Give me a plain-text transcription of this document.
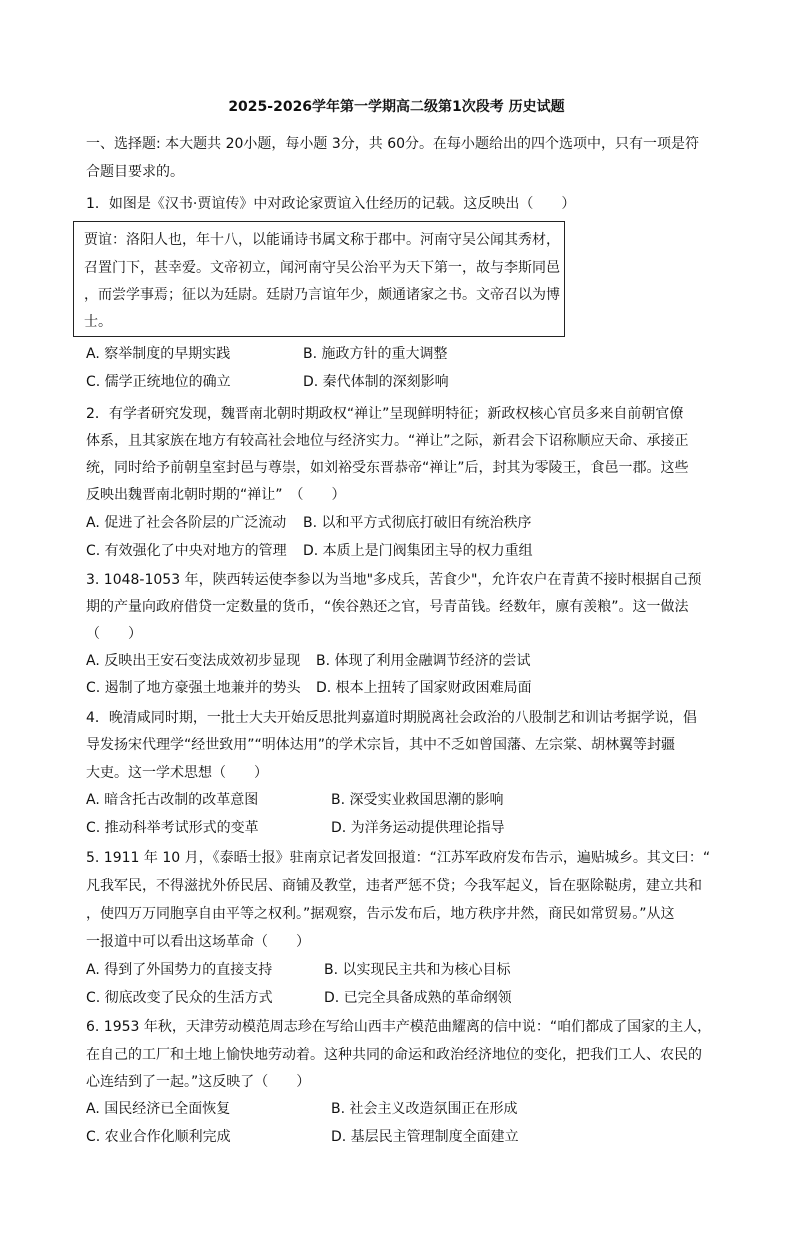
2025-2026学年第一学期高二级第1次段考 历史试题
一、选择题: 本大题共 20小题，每小题 3分，共 60分。在每小题给出的四个选项中，只有一项是符
合题目要求的。
1．如图是《汉书·贾谊传》中对政论家贾谊入仕经历的记载。这反映出（　　）
贾谊：洛阳人也，年十八，以能诵诗书属文称于郡中。河南守吴公闻其秀材，
召置门下，甚幸爱。文帝初立，闻河南守吴公治平为天下第一，故与李斯同邑
，而尝学事焉；征以为廷尉。廷尉乃言谊年少，颇通诸家之书。文帝召以为博
士。
A. 察举制度的早期实践	B. 施政方针的重大调整
C. 儒学正统地位的确立	D. 秦代体制的深刻影响
2．有学者研究发现，魏晋南北朝时期政权“禅让”呈现鲜明特征；新政权核心官员多来自前朝官僚
体系，且其家族在地方有较高社会地位与经济实力。“禅让”之际，新君会下诏称顺应天命、承接正
统，同时给予前朝皇室封邑与尊崇，如刘裕受东晋恭帝“禅让”后，封其为零陵王，食邑一郡。这些
反映出魏晋南北朝时期的“禅让”　（　　）
A. 促进了社会各阶层的广泛流动 B. 以和平方式彻底打破旧有统治秩序
C. 有效强化了中央对地方的管理 D. 本质上是门阀集团主导的权力重组
3. 1048-1053 年，陕西转运使李参以为当地"多戍兵，苦食少"，允许农户在青黄不接时根据自己预
期的产量向政府借贷一定数量的货币，“俟谷熟还之官，号青苗钱。经数年，廪有羡粮”。这一做法
（　　）
A. 反映出王安石变法成效初步显现 B. 体现了利用金融调节经济的尝试
C. 遏制了地方豪强土地兼并的势头 D. 根本上扭转了国家财政困难局面
4．晚清咸同时期，一批士大夫开始反思批判嘉道时期脱离社会政治的八股制艺和训诂考据学说，倡
导发扬宋代理学“经世致用”“明体达用”的学术宗旨，其中不乏如曾国藩、左宗棠、胡林翼等封疆
大吏。这一学术思想（　　）
A. 暗含托古改制的改革意图	B. 深受实业救国思潮的影响
C. 推动科举考试形式的变革	D. 为洋务运动提供理论指导
5. 1911 年 10 月，《泰晤士报》驻南京记者发回报道：“江苏军政府发布告示，遍贴城乡。其文曰：“
凡我军民，不得滋扰外侨民居、商铺及教堂，违者严惩不贷；今我军起义，旨在驱除鞑虏，建立共和
，使四万万同胞享自由平等之权利。”据观察，告示发布后，地方秩序井然，商民如常贸易。”从这
一报道中可以看出这场革命（　　）
A. 得到了外国势力的直接支持	B. 以实现民主共和为核心目标
C. 彻底改变了民众的生活方式	D. 已完全具备成熟的革命纲领
6. 1953 年秋，天津劳动模范周志珍在写给山西丰产模范曲耀离的信中说：“咱们都成了国家的主人，
在自己的工厂和土地上愉快地劳动着。这种共同的命运和政治经济地位的变化，把我们工人、农民的
心连结到了一起。”这反映了（　　）
A. 国民经济已全面恢复	B. 社会主义改造氛围正在形成
C. 农业合作化顺利完成	D. 基层民主管理制度全面建立
